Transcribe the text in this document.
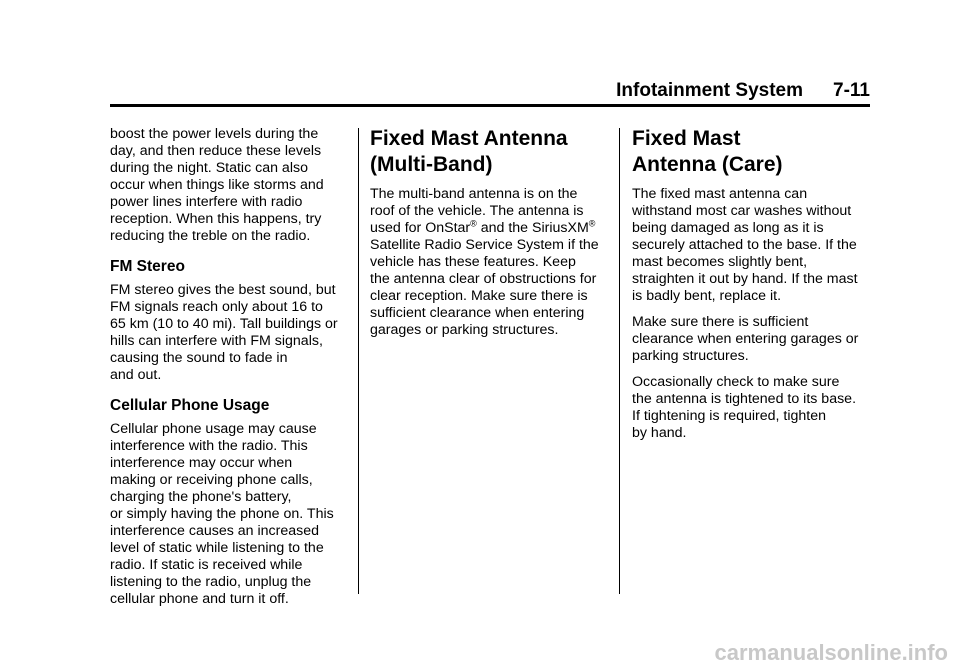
Infotainment System 7-11

boost the power levels during the
day, and then reduce these levels
during the night. Static can also
occur when things like storms and
power lines interfere with radio
reception. When this happens, try
reducing the treble on the radio.

FM Stereo

FM stereo gives the best sound, but
FM signals reach only about 16 to
65 km (10 to 40 mi). Tall buildings or
hills can interfere with FM signals,
causing the sound to fade in
and out.

Cellular Phone Usage

Cellular phone usage may cause
interference with the radio. This
interference may occur when
making or receiving phone calls,
charging the phone's battery,
or simply having the phone on. This
interference causes an increased
level of static while listening to the
radio. If static is received while
listening to the radio, unplug the
cellular phone and turn it off.

Fixed Mast Antenna
(Multi-Band)

The multi-band antenna is on the
roof of the vehicle. The antenna is
used for OnStar® and the SiriusXM®
Satellite Radio Service System if the
vehicle has these features. Keep
the antenna clear of obstructions for
clear reception. Make sure there is
sufficient clearance when entering
garages or parking structures.

Fixed Mast
Antenna (Care)

The fixed mast antenna can
withstand most car washes without
being damaged as long as it is
securely attached to the base. If the
mast becomes slightly bent,
straighten it out by hand. If the mast
is badly bent, replace it.

Make sure there is sufficient
clearance when entering garages or
parking structures.

Occasionally check to make sure
the antenna is tightened to its base.
If tightening is required, tighten
by hand.

carmanualsonline.info
